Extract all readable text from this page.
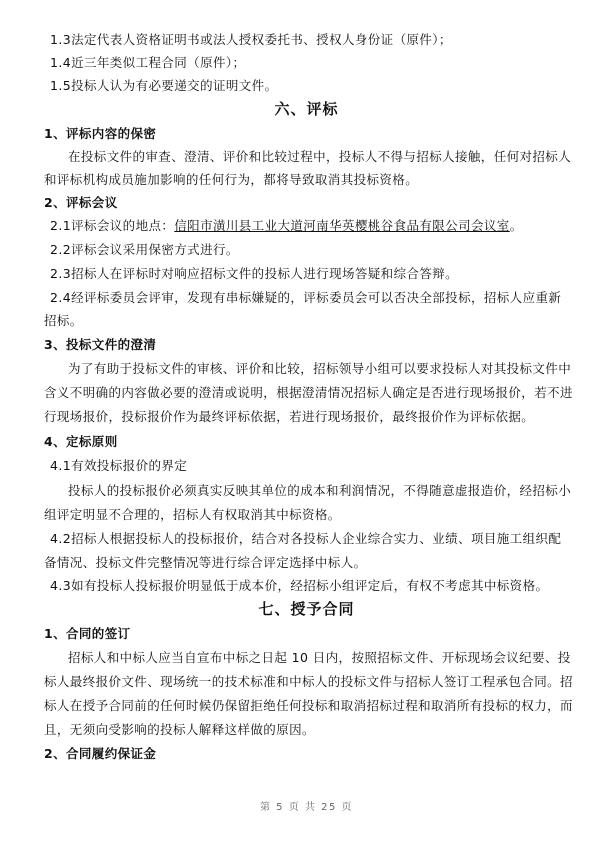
1.3法定代表人资格证明书或法人授权委托书、授权人身份证（原件）；
1.4近三年类似工程合同（原件）；
1.5投标人认为有必要递交的证明文件。
六、评标
1、评标内容的保密
在投标文件的审查、澄清、评价和比较过程中，投标人不得与招标人接触，任何对招标人
和评标机构成员施加影响的任何行为，都将导致取消其投标资格。
2、评标会议
2.1评标会议的地点：信阳市潢川县工业大道河南华英樱桃谷食品有限公司会议室。
2.2评标会议采用保密方式进行。
2.3招标人在评标时对响应招标文件的投标人进行现场答疑和综合答辩。
2.4经评标委员会评审，发现有串标嫌疑的，评标委员会可以否决全部投标，招标人应重新
招标。
3、投标文件的澄清
为了有助于投标文件的审核、评价和比较，招标领导小组可以要求投标人对其投标文件中
含义不明确的内容做必要的澄清或说明，根据澄清情况招标人确定是否进行现场报价，若不进
行现场报价，投标报价作为最终评标依据，若进行现场报价，最终报价作为评标依据。
4、定标原则
4.1有效投标报价的界定
投标人的投标报价必须真实反映其单位的成本和利润情况，不得随意虚报造价，经招标小
组评定明显不合理的，招标人有权取消其中标资格。
4.2招标人根据投标人的投标报价，结合对各投标人企业综合实力、业绩、项目施工组织配
备情况、投标文件完整情况等进行综合评定选择中标人。
4.3如有投标人投标报价明显低于成本价，经招标小组评定后，有权不考虑其中标资格。
七、授予合同
1、合同的签订
招标人和中标人应当自宣布中标之日起 10 日内，按照招标文件、开标现场会议纪要、投
标人最终报价文件、现场统一的技术标准和中标人的投标文件与招标人签订工程承包合同。招
标人在授予合同前的任何时候仍保留拒绝任何投标和取消招标过程和取消所有投标的权力，而
且，无须向受影响的投标人解释这样做的原因。
2、合同履约保证金
第 5 页 共 25 页
